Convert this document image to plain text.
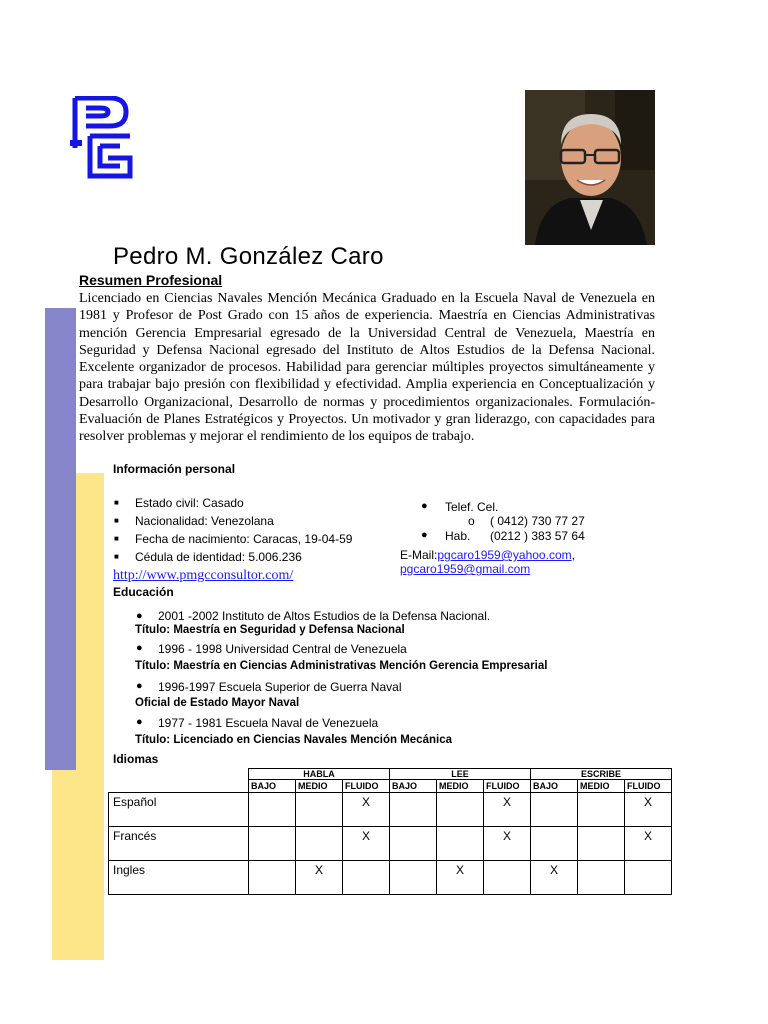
Pedro M. González Caro
Resumen Profesional
Licenciado en Ciencias Navales Mención Mecánica Graduado en la Escuela Naval de Venezuela en 1981 y Profesor de Post Grado con 15 años de experiencia. Maestría en Ciencias Administrativas mención Gerencia Empresarial egresado de la Universidad Central de Venezuela, Maestría en Seguridad y Defensa Nacional egresado del Instituto de Altos Estudios de la Defensa Nacional. Excelente organizador de procesos. Habilidad para gerenciar múltiples proyectos simultáneamente y para trabajar bajo presión con flexibilidad y efectividad. Amplia experiencia en Conceptualización y Desarrollo Organizacional, Desarrollo de normas y procedimientos organizacionales. Formulación-Evaluación de Planes Estratégicos y Proyectos. Un motivador y gran liderazgo, con capacidades para resolver problemas y mejorar el rendimiento de los equipos de trabajo.
Información personal
■ Estado civil: Casado
■ Nacionalidad: Venezolana
■ Fecha de nacimiento: Caracas, 19-04-59
■ Cédula de identidad: 5.006.236
● Telef. Cel.
o ( 0412) 730 77 27
● Hab. (0212 ) 383 57 64
E-Mail:pgcaro1959@yahoo.com,
pgcaro1959@gmail.com
http://www.pmgcconsultor.com/
Educación
● 2001 -2002 Instituto de Altos Estudios de la Defensa Nacional.
Título: Maestría en Seguridad y Defensa Nacional
● 1996 - 1998 Universidad Central de Venezuela
Título: Maestría en Ciencias Administrativas Mención Gerencia Empresarial
● 1996-1997 Escuela Superior de Guerra Naval
Oficial de Estado Mayor Naval
● 1977 - 1981 Escuela Naval de Venezuela
Título: Licenciado en Ciencias Navales Mención Mecánica
Idiomas
	HABLA			LEE			ESCRIBE		
	BAJO	MEDIO	FLUIDO	BAJO	MEDIO	FLUIDO	BAJO	MEDIO	FLUIDO
Español			X			X			X
Francés			X			X			X
Ingles		X			X		X		
